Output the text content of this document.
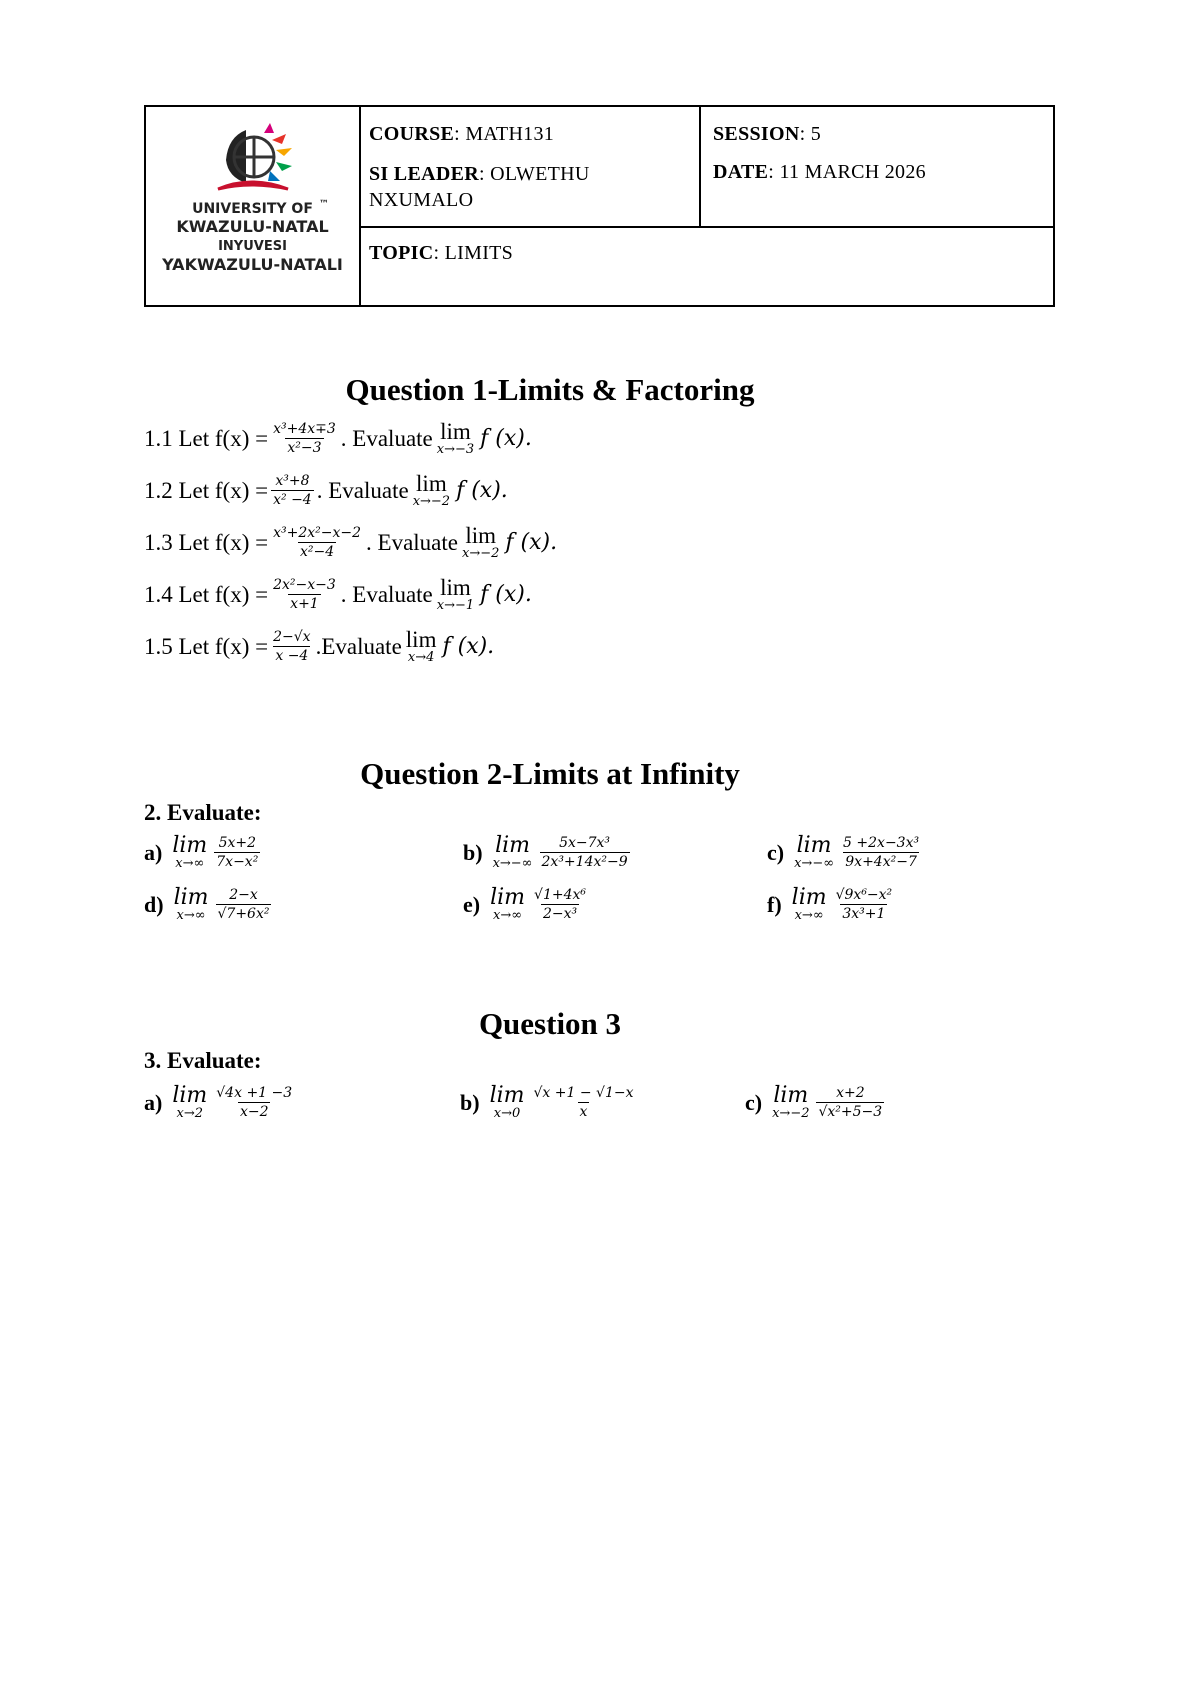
UNIVERSITY OF ™
KWAZULU-NATAL
INYUVESI
YAKWAZULU-NATALI
COURSE: MATH131
SI LEADER: OLWETHU NXUMALO
SESSION: 5
DATE: 11 MARCH 2026
TOPIC: LIMITS
Question 1-Limits & Factoring
1.1 Let $f(x) = \frac{\text{x³+4x∓3}}{\text{x²−3}}$ . Evaluate lim
x→−3 f (x).
1.2 Let $f(x) = \frac{\text{x³+8}}{\text{x² −4}}$ . Evaluate lim
x→−2 f (x).
1.3 Let $f(x) = \frac{\text{x³+2x²−x−2}}{\text{x²−4}}$ . Evaluate lim
x→−2 f (x).
1.4 Let $f(x) = \frac{\text{2x²−x−3}}{x+1}$ . Evaluate lim
x→−1 f (x).
1.5 Let $f(x) = \frac{2-√x}{x -4}$ .Evaluate lim
x→4 f (x).
Question 2-Limits at Infinity
2. Evaluate:
a) lim
$x\to\infty \frac{5x+2}{\text{7x−x²}}$	b) lim
$x\to-\infty \frac{\text{5x−7x³}}{\text{2x³+14x²−9}}$	c) lim
$x\to-\infty \frac{\text{5 +2x−3x³}}{\text{9x+4x²−7}}$
d) lim
$x\to\infty \frac{2-x}{\text{√7+6x²}}$	e) lim
$x\to\infty \frac{\text{√1+4x⁶}}{\text{2−x³}}$	f) lim
$x\to\infty \frac{\text{√9x⁶−x²}}{\text{3x³+1}}$
Question 3
3. Evaluate:
a) lim
$x\to 2 \frac{√4x +1 -3}{x-2}$	b) lim
$x\to 0 \frac{√x +1 - √1-x}{x}$	c) lim
$x\to-2 \frac{x+2}{\text{√x²+5−3}}$
